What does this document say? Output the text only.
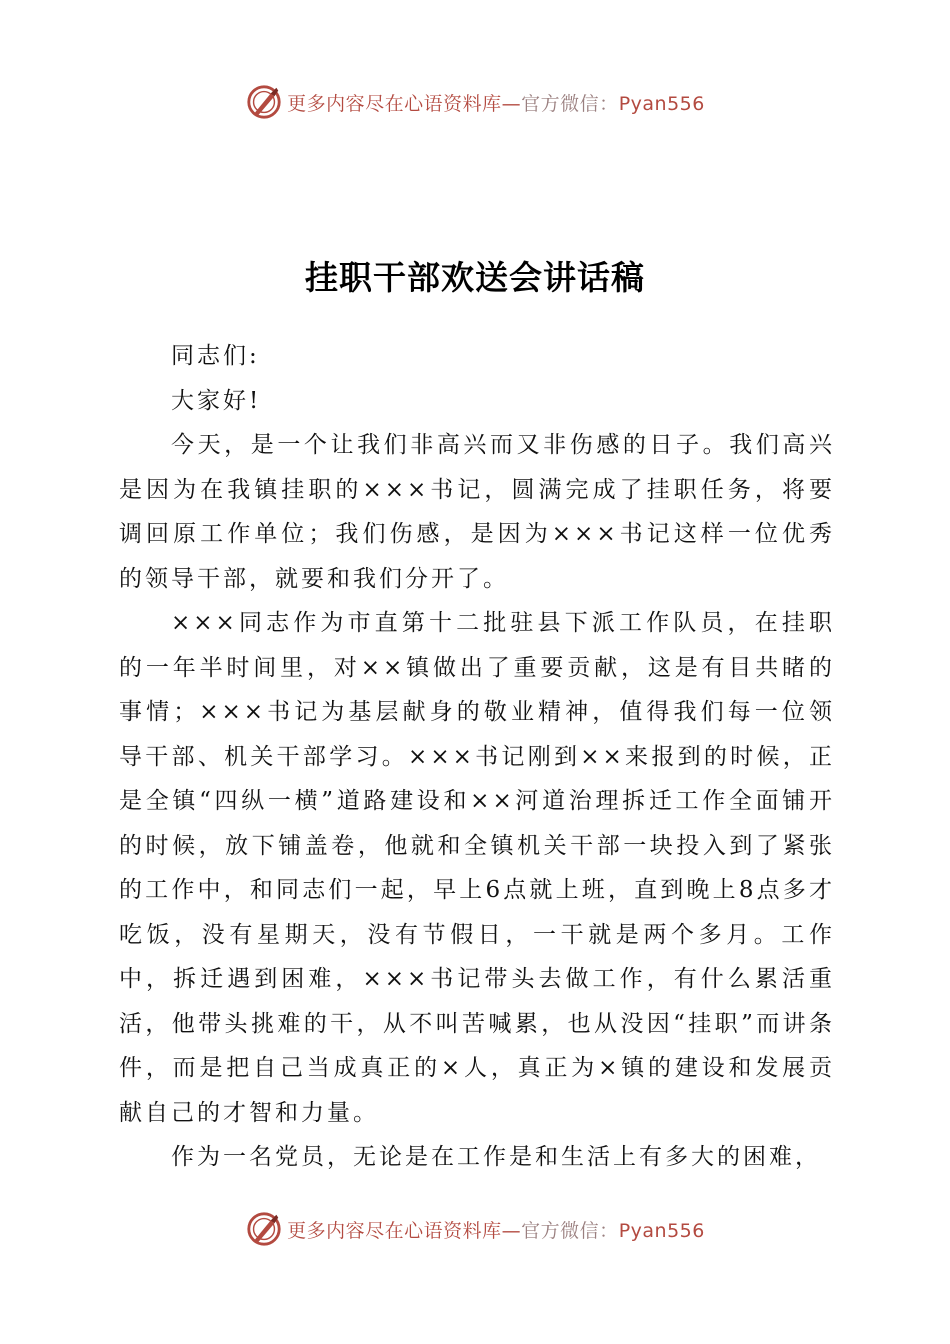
更多内容尽在心语资料库—官方微信：Pyan556
挂职干部欢送会讲话稿

同志们:

大家好!

今天，是一个让我们非高兴而又非伤感的日子。我们高兴是因为在我镇挂职的×××书记，圆满完成了挂职任务，将要调回原工作单位；我们伤感，是因为×××书记这样一位优秀的领导干部，就要和我们分开了。

×××同志作为市直第十二批驻县下派工作队员，在挂职的一年半时间里，对××镇做出了重要贡献，这是有目共睹的事情；×××书记为基层献身的敬业精神，值得我们每一位领导干部、机关干部学习。×××书记刚到××来报到的时候，正是全镇“四纵一横”道路建设和××河道治理拆迁工作全面铺开的时候，放下铺盖卷，他就和全镇机关干部一块投入到了紧张的工作中，和同志们一起，早上6点就上班，直到晚上8点多才吃饭，没有星期天，没有节假日，一干就是两个多月。工作中，拆迁遇到困难，×××书记带头去做工作，有什么累活重活，他带头挑难的干，从不叫苦喊累，也从没因“挂职”而讲条件，而是把自己当成真正的×人，真正为×镇的建设和发展贡献自己的才智和力量。

作为一名党员，无论是在工作是和生活上有多大的困难，

更多内容尽在心语资料库—官方微信：Pyan556
